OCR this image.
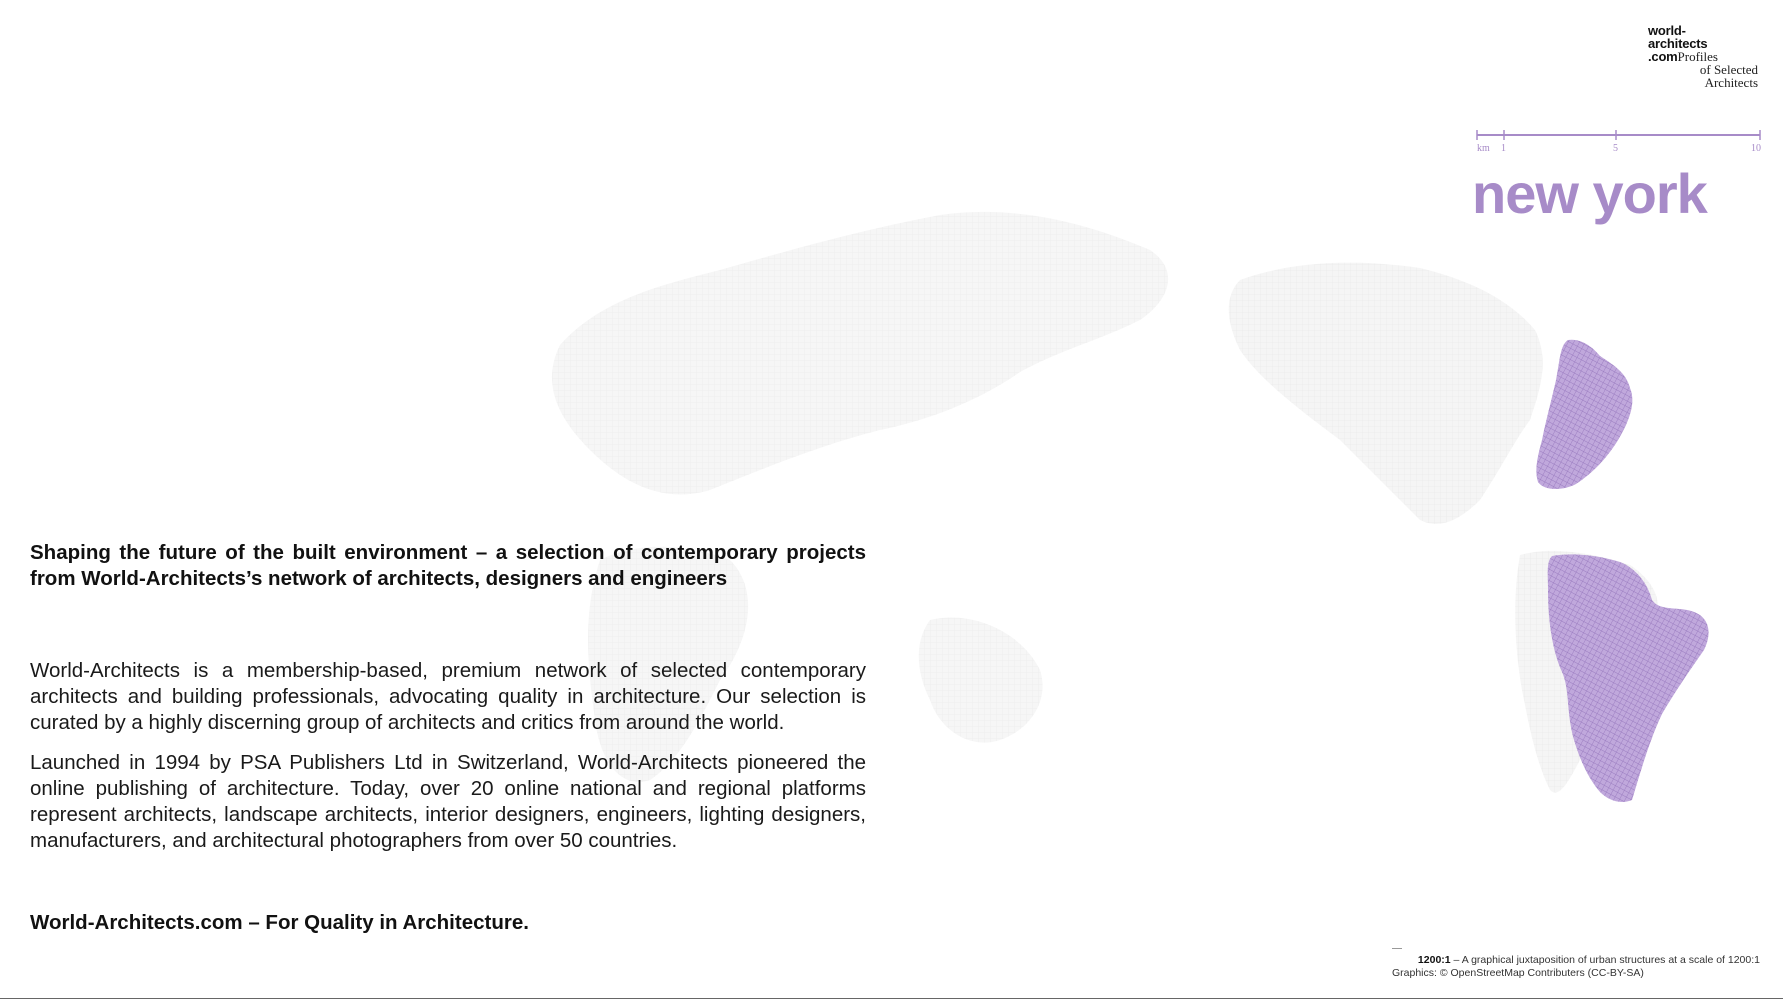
world-
architects
.comProfiles
of Selected
Architects
km 1	5	10
new york

Shaping the future of the built environment – a selection of contemporary projects from World-Architects’s network of architects, designers and engineers

World-Architects is a membership-based, premium network of selected contemporary architects and building professionals, advocating quality in architecture. Our selection is curated by a highly discerning group of architects and critics from around the world.

Launched in 1994 by PSA Publishers Ltd in Switzerland, World-Architects pioneered the online publishing of architecture. Today, over 20 online national and regional platforms represent architects, landscape architects, interior designers, engineers, lighting designers, manufacturers, and architectural photographers from over 50 countries.

World-Architects.com – For Quality in Architecture.

1200:1 – A graphical juxtaposition of urban structures at a scale of 1200:1
Graphics: © OpenStreetMap Contributers (CC-BY-SA)
